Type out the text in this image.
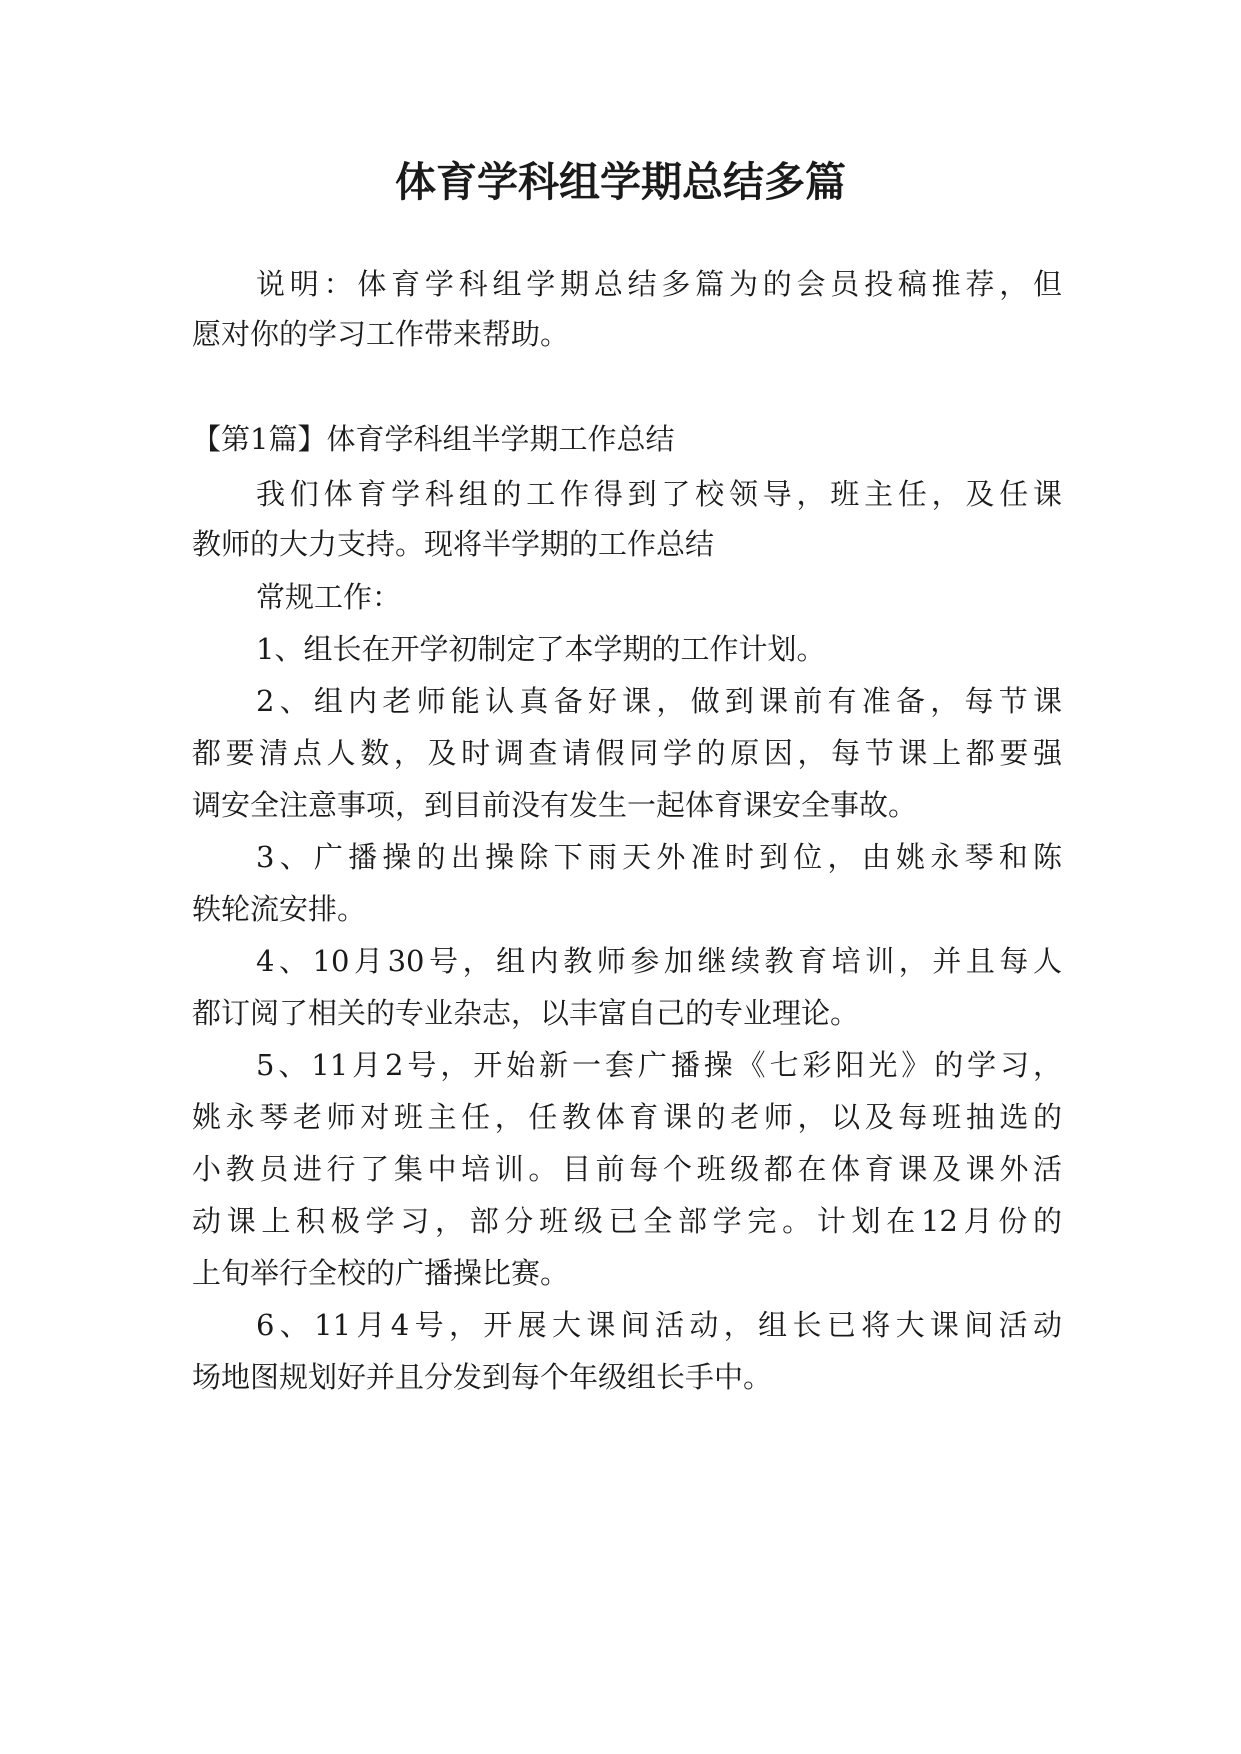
体育学科组学期总结多篇
说明：体育学科组学期总结多篇为的会员投稿推荐，但
愿对你的学习工作带来帮助。
【第1篇】体育学科组半学期工作总结
我们体育学科组的工作得到了校领导，班主任，及任课
教师的大力支持。现将半学期的工作总结
常规工作：
1、组长在开学初制定了本学期的工作计划。
2、组内老师能认真备好课，做到课前有准备，每节课
都要清点人数，及时调查请假同学的原因，每节课上都要强
调安全注意事项，到目前没有发生一起体育课安全事故。
3、广播操的出操除下雨天外准时到位，由姚永琴和陈
轶轮流安排。
4、10月30号，组内教师参加继续教育培训，并且每人
都订阅了相关的专业杂志，以丰富自己的专业理论。
5、11月2号，开始新一套广播操《七彩阳光》的学习，
姚永琴老师对班主任，任教体育课的老师，以及每班抽选的
小教员进行了集中培训。目前每个班级都在体育课及课外活
动课上积极学习，部分班级已全部学完。计划在12月份的
上旬举行全校的广播操比赛。
6、11月4号，开展大课间活动，组长已将大课间活动
场地图规划好并且分发到每个年级组长手中。
